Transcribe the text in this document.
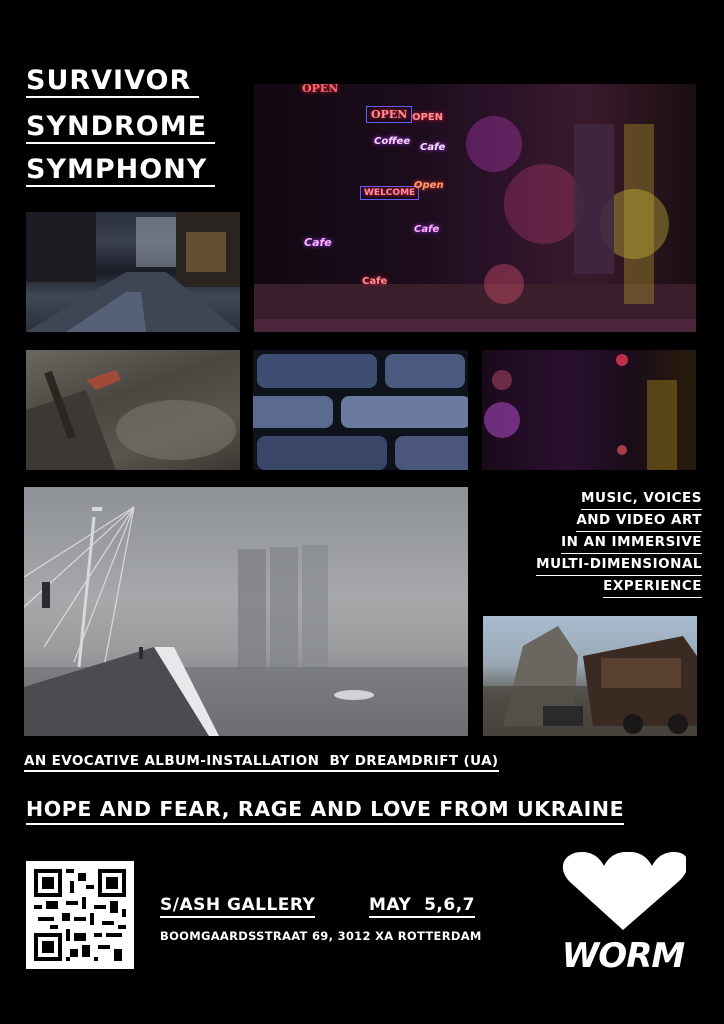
SURVIVOR
SYNDROME
SYMPHONY
OPEN
OPEN
Coffee
OPEN
Cafe
WELCOME
Open
Cafe
Cafe
Cafe
MUSIC, VOICES
AND VIDEO ART
IN AN IMMERSIVE
MULTI-DIMENSIONAL
EXPERIENCE
AN EVOCATIVE ALBUM-INSTALLATION  BY DREAMDRIFT (UA)
HOPE AND FEAR, RAGE AND LOVE FROM UKRAINE
S/ASH GALLERY	MAY  5,6,7
BOOMGAARDSSTRAAT 69, 3012 XA ROTTERDAM WORM
